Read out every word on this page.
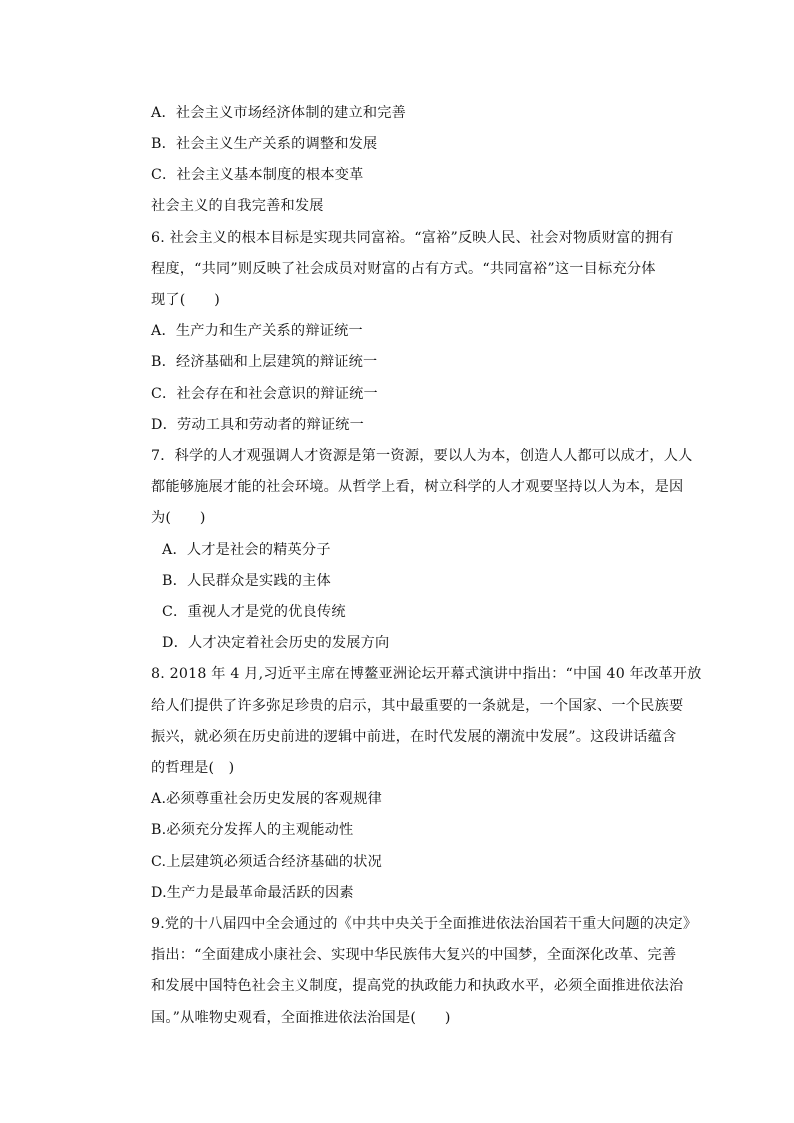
A．社会主义市场经济体制的建立和完善
B．社会主义生产关系的调整和发展
C．社会主义基本制度的根本变革
社会主义的自我完善和发展
6. 社会主义的根本目标是实现共同富裕。“富裕”反映人民、社会对物质财富的拥有
程度，“共同”则反映了社会成员对财富的占有方式。“共同富裕”这一目标充分体
现了(　　)
A．生产力和生产关系的辩证统一
B．经济基础和上层建筑的辩证统一
C．社会存在和社会意识的辩证统一
D．劳动工具和劳动者的辩证统一
7．科学的人才观强调人才资源是第一资源，要以人为本，创造人人都可以成才，人人
都能够施展才能的社会环境。从哲学上看，树立科学的人才观要坚持以人为本，是因
为(　　)
A．人才是社会的精英分子
B．人民群众是实践的主体
C．重视人才是党的优良传统
D．人才决定着社会历史的发展方向
8. 2018 年 4 月,习近平主席在博鳌亚洲论坛开幕式演讲中指出：“中国 40 年改革开放
给人们提供了许多弥足珍贵的启示，其中最重要的一条就是，一个国家、一个民族要
振兴，就必须在历史前进的逻辑中前进，在时代发展的潮流中发展”。这段讲话蕴含
的哲理是(　)
A.必须尊重社会历史发展的客观规律
B.必须充分发挥人的主观能动性
C.上层建筑必须适合经济基础的状况
D.生产力是最革命最活跃的因素
9.党的十八届四中全会通过的《中共中央关于全面推进依法治国若干重大问题的决定》
指出：“全面建成小康社会、实现中华民族伟大复兴的中国梦，全面深化改革、完善
和发展中国特色社会主义制度，提高党的执政能力和执政水平，必须全面推进依法治
国。”从唯物史观看，全面推进依法治国是(　　)
